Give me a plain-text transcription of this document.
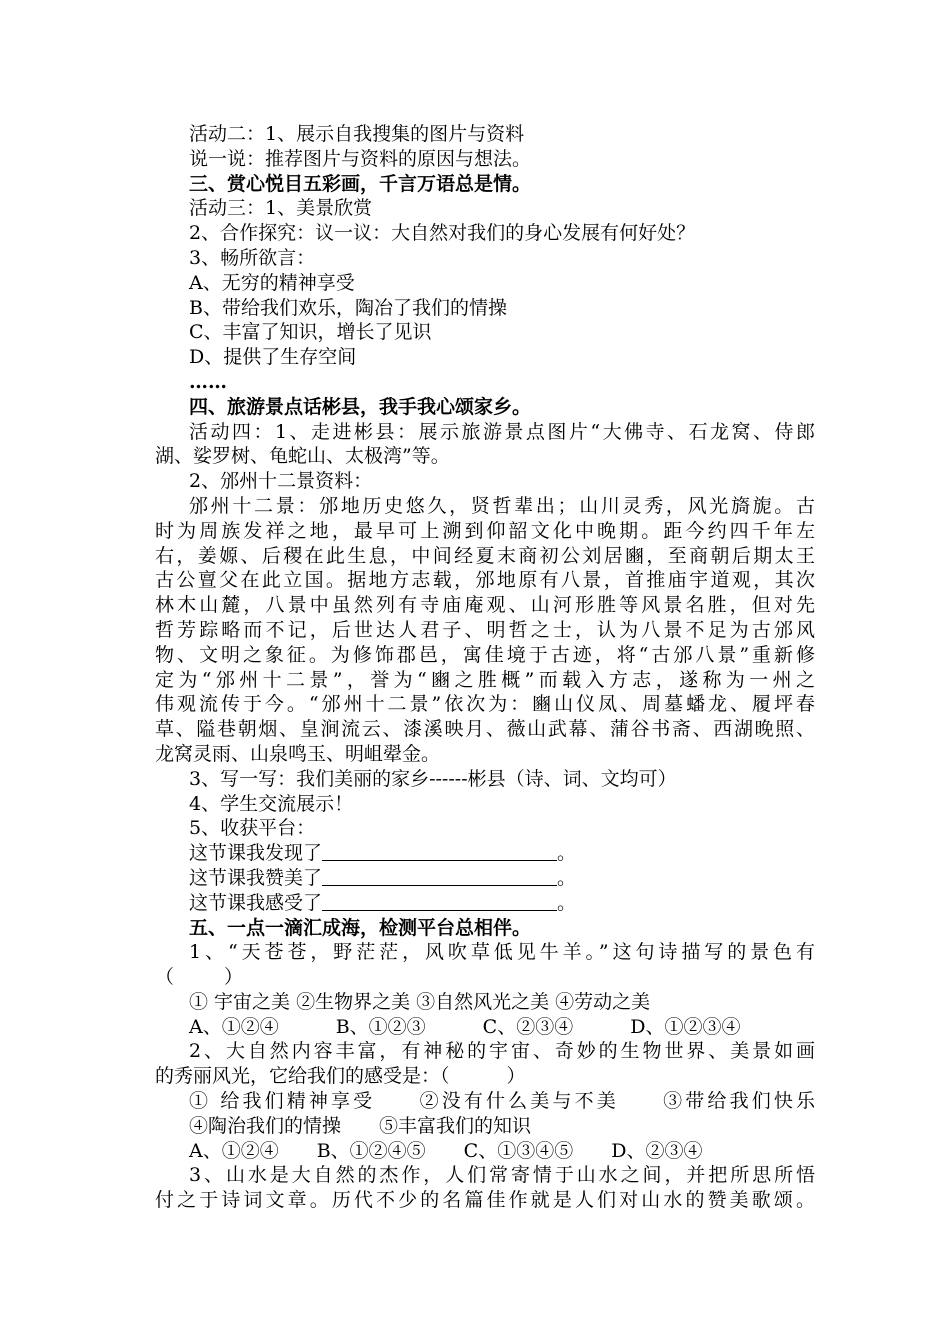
活动二：1、展示自我搜集的图片与资料
说一说：推荐图片与资料的原因与想法。
三、赏心悦目五彩画，千言万语总是情。
活动三：1、美景欣赏
2、合作探究：议一议：大自然对我们的身心发展有何好处？
3、畅所欲言：
A、无穷的精神享受
B、带给我们欢乐，陶冶了我们的情操
C、丰富了知识，增长了见识
D、提供了生存空间
……
四、旅游景点话彬县，我手我心颂家乡。
活动四：1、走进彬县：展示旅游景点图片“大佛寺、石龙窝、侍郎
湖、娑罗树、龟蛇山、太极湾”等。
2、邠州十二景资料：
邠州十二景：邠地历史悠久，贤哲辈出；山川灵秀，风光旖旎。古
时为周族发祥之地，最早可上溯到仰韶文化中晚期。距今约四千年左
右，姜嫄、后稷在此生息，中间经夏末商初公刘居豳，至商朝后期太王
古公亶父在此立国。据地方志载，邠地原有八景，首推庙宇道观，其次
林木山麓，八景中虽然列有寺庙庵观、山河形胜等风景名胜，但对先
哲芳踪略而不记，后世达人君子、明哲之士，认为八景不足为古邠风
物、文明之象征。为修饰郡邑，寓佳境于古迹，将“古邠八景”重新修
定为“邠州十二景”，誉为“豳之胜概”而载入方志，遂称为一州之
伟观流传于今。“邠州十二景”依次为：豳山仪凤、周墓蟠龙、履坪春
草、隘巷朝烟、皇涧流云、漆溪映月、薇山武幕、蒲谷书斋、西湖晚照、
龙窝灵雨、山泉鸣玉、明岨翚金。
3、写一写：我们美丽的家乡------彬县（诗、词、文均可）
4、学生交流展示！
5、收获平台：
这节课我发现了	。
这节课我赞美了	。
这节课我感受了	。
五、一点一滴汇成海，检测平台总相伴。
1、“天苍苍，野茫茫，风吹草低见牛羊。”这句诗描写的景色有
（	）
① 宇宙之美 ②生物界之美 ③自然风光之美 ④劳动之美
A、①②④　　　B、①②③　　　C、②③④　　　D、①②③④
2、大自然内容丰富，有神秘的宇宙、奇妙的生物世界、美景如画
的秀丽风光，它给我们的感受是：（　　　）
① 给我们精神享受　　②没有什么美与不美　　③带给我们快乐
④陶治我们的情操　　⑤丰富我们的知识
A、①②④　　B、①②④⑤　　C、①③④⑤　　D、②③④
3、山水是大自然的杰作，人们常寄情于山水之间，并把所思所悟
付之于诗词文章。历代不少的名篇佳作就是人们对山水的赞美歌颂。
